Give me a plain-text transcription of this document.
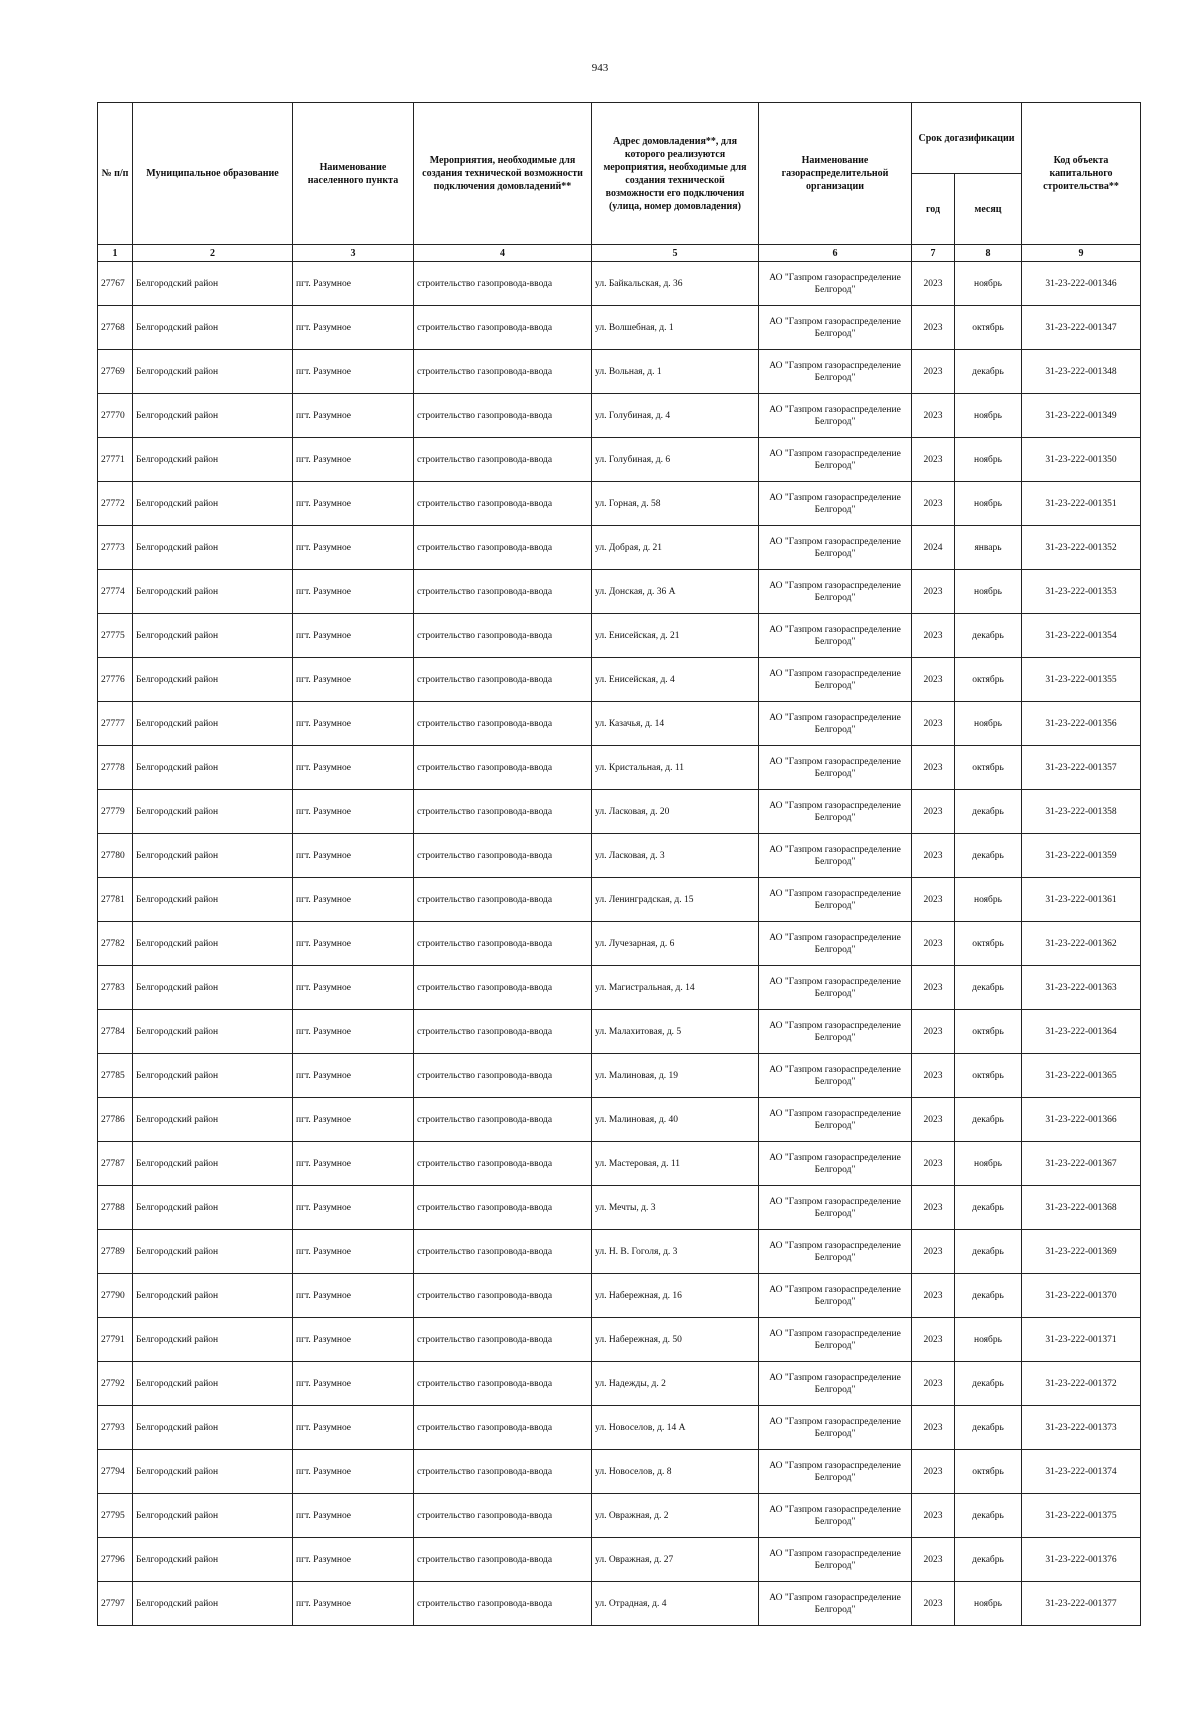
943
№ п/п	Муниципальное образование	Наименование населенного пункта	Мероприятия, необходимые для создания технической возможности подключения домовладений**	Адрес домовладения**, для которого реализуются мероприятия, необходимые для создания технической возможности его подключения (улица, номер домовладения)	Наименование газораспределительной организации	Срок догазификации		Код объекта капитального строительства**
						год	месяц	
1	2	3	4	5	6	7	8	9
27767	Белгородский район	пгт. Разумное	строительство газопровода-ввода	ул. Байкальская, д. 36	АО "Газпром газораспределение Белгород"	2023	ноябрь	31-23-222-001346
27768	Белгородский район	пгт. Разумное	строительство газопровода-ввода	ул. Волшебная, д. 1	АО "Газпром газораспределение Белгород"	2023	октябрь	31-23-222-001347
27769	Белгородский район	пгт. Разумное	строительство газопровода-ввода	ул. Вольная, д. 1	АО "Газпром газораспределение Белгород"	2023	декабрь	31-23-222-001348
27770	Белгородский район	пгт. Разумное	строительство газопровода-ввода	ул. Голубиная, д. 4	АО "Газпром газораспределение Белгород"	2023	ноябрь	31-23-222-001349
27771	Белгородский район	пгт. Разумное	строительство газопровода-ввода	ул. Голубиная, д. 6	АО "Газпром газораспределение Белгород"	2023	ноябрь	31-23-222-001350
27772	Белгородский район	пгт. Разумное	строительство газопровода-ввода	ул. Горная, д. 58	АО "Газпром газораспределение Белгород"	2023	ноябрь	31-23-222-001351
27773	Белгородский район	пгт. Разумное	строительство газопровода-ввода	ул. Добрая, д. 21	АО "Газпром газораспределение Белгород"	2024	январь	31-23-222-001352
27774	Белгородский район	пгт. Разумное	строительство газопровода-ввода	ул. Донская, д. 36 А	АО "Газпром газораспределение Белгород"	2023	ноябрь	31-23-222-001353
27775	Белгородский район	пгт. Разумное	строительство газопровода-ввода	ул. Енисейская, д. 21	АО "Газпром газораспределение Белгород"	2023	декабрь	31-23-222-001354
27776	Белгородский район	пгт. Разумное	строительство газопровода-ввода	ул. Енисейская, д. 4	АО "Газпром газораспределение Белгород"	2023	октябрь	31-23-222-001355
27777	Белгородский район	пгт. Разумное	строительство газопровода-ввода	ул. Казачья, д. 14	АО "Газпром газораспределение Белгород"	2023	ноябрь	31-23-222-001356
27778	Белгородский район	пгт. Разумное	строительство газопровода-ввода	ул. Кристальная, д. 11	АО "Газпром газораспределение Белгород"	2023	октябрь	31-23-222-001357
27779	Белгородский район	пгт. Разумное	строительство газопровода-ввода	ул. Ласковая, д. 20	АО "Газпром газораспределение Белгород"	2023	декабрь	31-23-222-001358
27780	Белгородский район	пгт. Разумное	строительство газопровода-ввода	ул. Ласковая, д. 3	АО "Газпром газораспределение Белгород"	2023	декабрь	31-23-222-001359
27781	Белгородский район	пгт. Разумное	строительство газопровода-ввода	ул. Ленинградская, д. 15	АО "Газпром газораспределение Белгород"	2023	ноябрь	31-23-222-001361
27782	Белгородский район	пгт. Разумное	строительство газопровода-ввода	ул. Лучезарная, д. 6	АО "Газпром газораспределение Белгород"	2023	октябрь	31-23-222-001362
27783	Белгородский район	пгт. Разумное	строительство газопровода-ввода	ул. Магистральная, д. 14	АО "Газпром газораспределение Белгород"	2023	декабрь	31-23-222-001363
27784	Белгородский район	пгт. Разумное	строительство газопровода-ввода	ул. Малахитовая, д. 5	АО "Газпром газораспределение Белгород"	2023	октябрь	31-23-222-001364
27785	Белгородский район	пгт. Разумное	строительство газопровода-ввода	ул. Малиновая, д. 19	АО "Газпром газораспределение Белгород"	2023	октябрь	31-23-222-001365
27786	Белгородский район	пгт. Разумное	строительство газопровода-ввода	ул. Малиновая, д. 40	АО "Газпром газораспределение Белгород"	2023	декабрь	31-23-222-001366
27787	Белгородский район	пгт. Разумное	строительство газопровода-ввода	ул. Мастеровая, д. 11	АО "Газпром газораспределение Белгород"	2023	ноябрь	31-23-222-001367
27788	Белгородский район	пгт. Разумное	строительство газопровода-ввода	ул. Мечты, д. 3	АО "Газпром газораспределение Белгород"	2023	декабрь	31-23-222-001368
27789	Белгородский район	пгт. Разумное	строительство газопровода-ввода	ул. Н. В. Гоголя, д. 3	АО "Газпром газораспределение Белгород"	2023	декабрь	31-23-222-001369
27790	Белгородский район	пгт. Разумное	строительство газопровода-ввода	ул. Набережная, д. 16	АО "Газпром газораспределение Белгород"	2023	декабрь	31-23-222-001370
27791	Белгородский район	пгт. Разумное	строительство газопровода-ввода	ул. Набережная, д. 50	АО "Газпром газораспределение Белгород"	2023	ноябрь	31-23-222-001371
27792	Белгородский район	пгт. Разумное	строительство газопровода-ввода	ул. Надежды, д. 2	АО "Газпром газораспределение Белгород"	2023	декабрь	31-23-222-001372
27793	Белгородский район	пгт. Разумное	строительство газопровода-ввода	ул. Новоселов, д. 14 А	АО "Газпром газораспределение Белгород"	2023	декабрь	31-23-222-001373
27794	Белгородский район	пгт. Разумное	строительство газопровода-ввода	ул. Новоселов, д. 8	АО "Газпром газораспределение Белгород"	2023	октябрь	31-23-222-001374
27795	Белгородский район	пгт. Разумное	строительство газопровода-ввода	ул. Овражная, д. 2	АО "Газпром газораспределение Белгород"	2023	декабрь	31-23-222-001375
27796	Белгородский район	пгт. Разумное	строительство газопровода-ввода	ул. Овражная, д. 27	АО "Газпром газораспределение Белгород"	2023	декабрь	31-23-222-001376
27797	Белгородский район	пгт. Разумное	строительство газопровода-ввода	ул. Отрадная, д. 4	АО "Газпром газораспределение Белгород"	2023	ноябрь	31-23-222-001377
